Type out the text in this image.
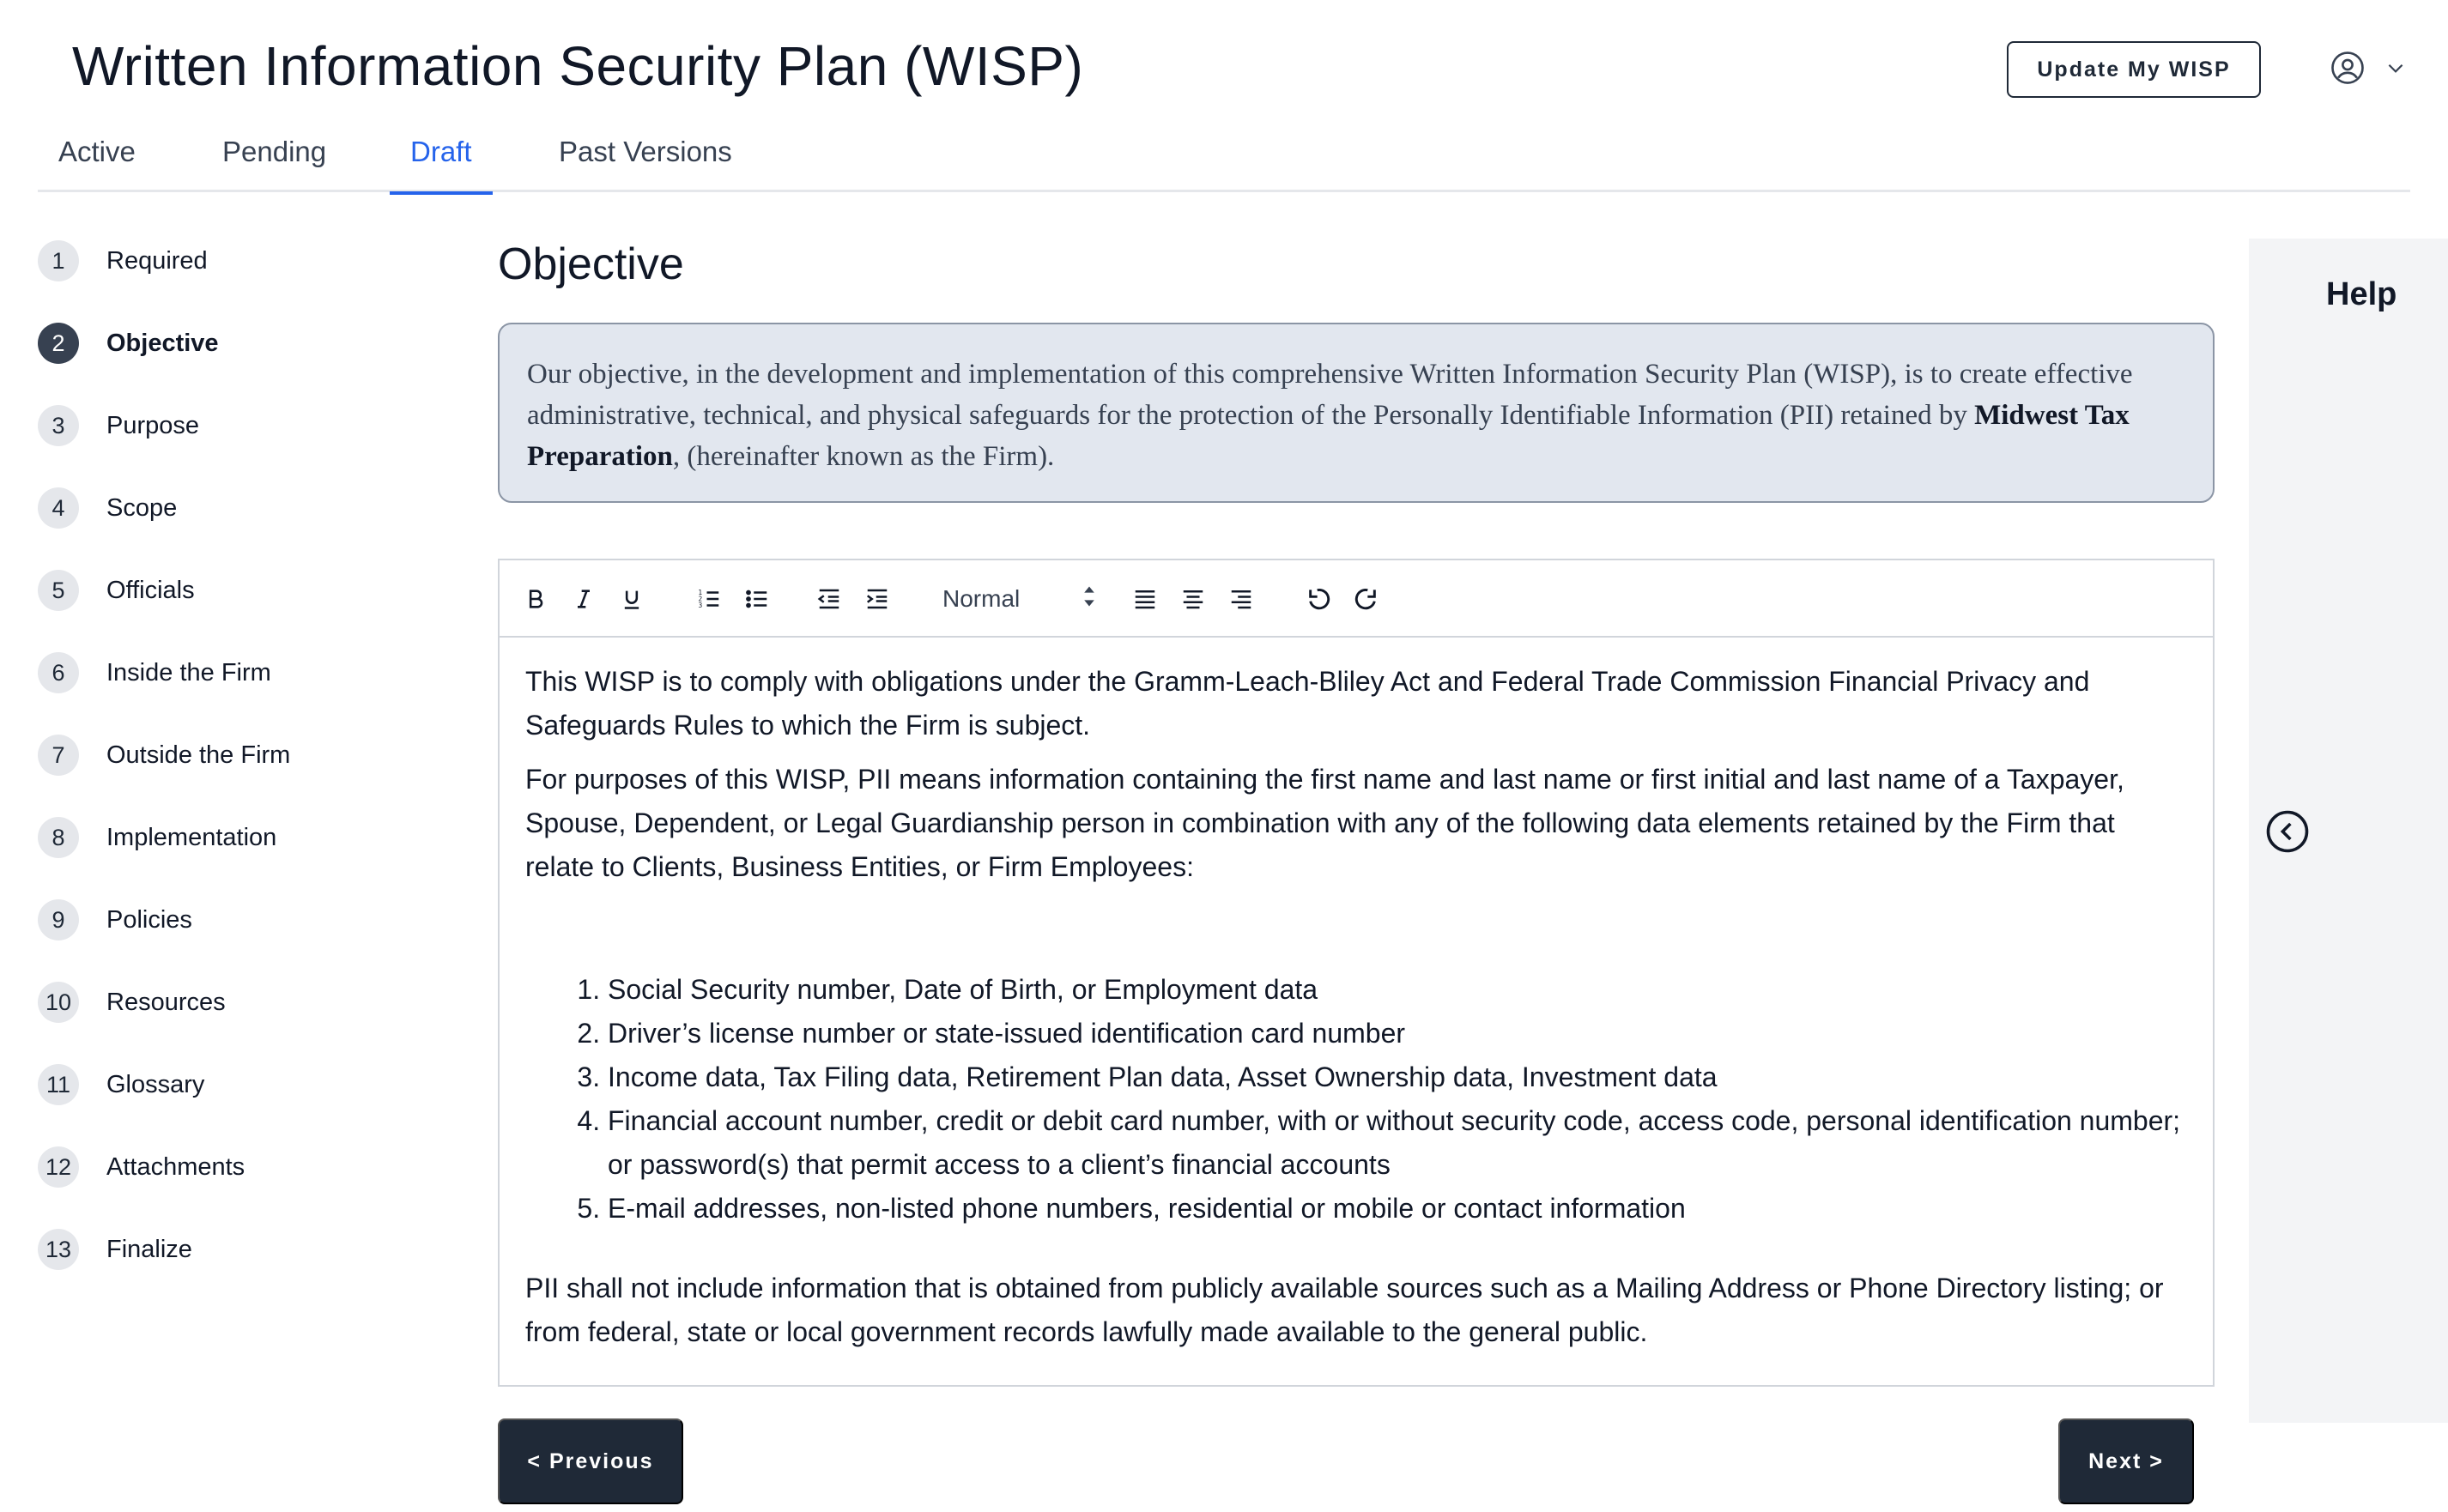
Written Information Security Plan (WISP)	Update My WISP
Active	Pending	Draft	Past Versions
1	Required
2	Objective
3	Purpose
4	Scope
5	Officials
6	Inside the Firm
7	Outside the Firm
8	Implementation
9	Policies
10	Resources
11	Glossary
12	Attachments
13	Finalize
Objective
Our objective, in the development and implementation of this comprehensive Written Information Security Plan (WISP), is to create effective administrative, technical, and physical safeguards for the protection of the Personally Identifiable Information (PII) retained by Midwest Tax Preparation, (hereinafter known as the Firm).
1
2
3	Normal

This WISP is to comply with obligations under the Gramm-Leach-Bliley Act and Federal Trade Commission Financial Privacy and Safeguards Rules to which the Firm is subject.

For purposes of this WISP, PII means information containing the first name and last name or first initial and last name of a Taxpayer, Spouse, Dependent, or Legal Guardianship person in combination with any of the following data elements retained by the Firm that relate to Clients, Business Entities, or Firm Employees:

1. Social Security number, Date of Birth, or Employment data
2. Driver’s license number or state-issued identification card number
3. Income data, Tax Filing data, Retirement Plan data, Asset Ownership data, Investment data
4. Financial account number, credit or debit card number, with or without security code, access code, personal identification number; or password(s) that permit access to a client’s financial accounts
5. E-mail addresses, non-listed phone numbers, residential or mobile or contact information

PII shall not include information that is obtained from publicly available sources such as a Mailing Address or Phone Directory listing; or from federal, state or local government records lawfully made available to the general public.

Help
< Previous	Next >
